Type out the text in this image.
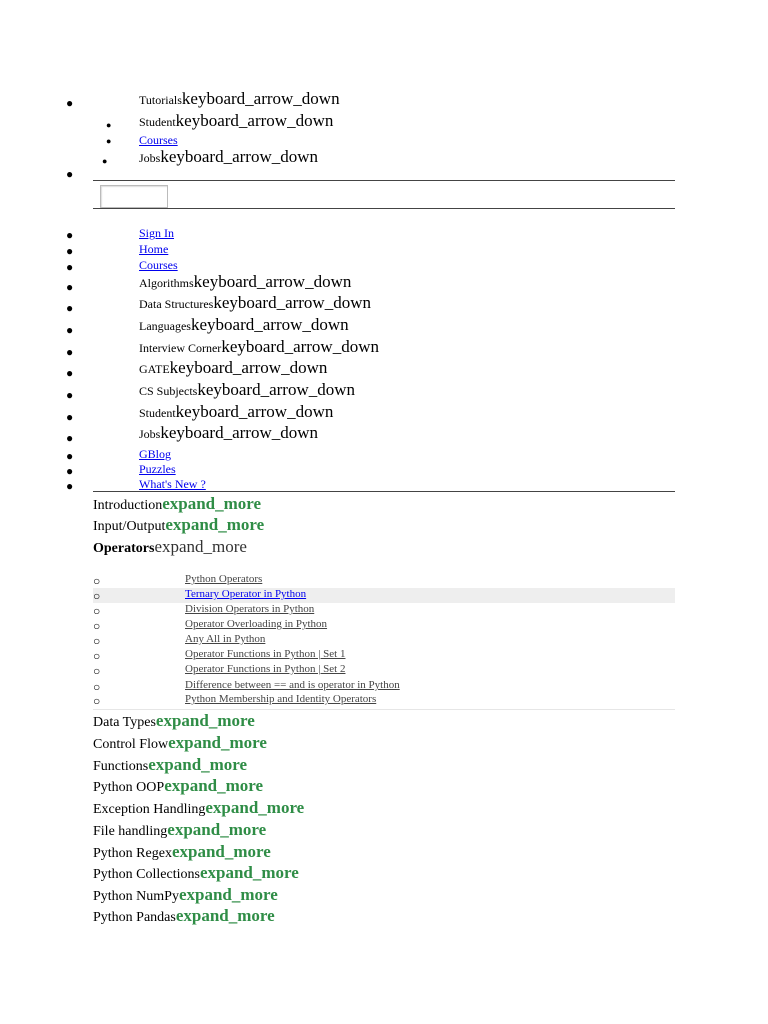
●	Tutorialskeyboard_arrow_down
● Studentkeyboard_arrow_down
● Courses
●	Jobskeyboard_arrow_down
●
●	Sign In
●	Home
●	Courses
●	Algorithmskeyboard_arrow_down
●	Data Structureskeyboard_arrow_down
●	Languageskeyboard_arrow_down
●	Interview Cornerkeyboard_arrow_down
●	GATEkeyboard_arrow_down
●	CS Subjectskeyboard_arrow_down
●	Studentkeyboard_arrow_down
●	Jobskeyboard_arrow_down
●	GBlog
●	Puzzles
●	What's New ?
Introductionexpand_more
Input/Outputexpand_more
Operatorsexpand_more
○	Python Operators
○	Ternary Operator in Python
○	Division Operators in Python
○	Operator Overloading in Python
○	Any All in Python
○	Operator Functions in Python | Set 1
○	Operator Functions in Python | Set 2
○	Difference between == and is operator in Python
○	Python Membership and Identity Operators
Data Typesexpand_more
Control Flowexpand_more
Functionsexpand_more
Python OOPexpand_more
Exception Handlingexpand_more
File handlingexpand_more
Python Regexexpand_more
Python Collectionsexpand_more
Python NumPyexpand_more
Python Pandasexpand_more
